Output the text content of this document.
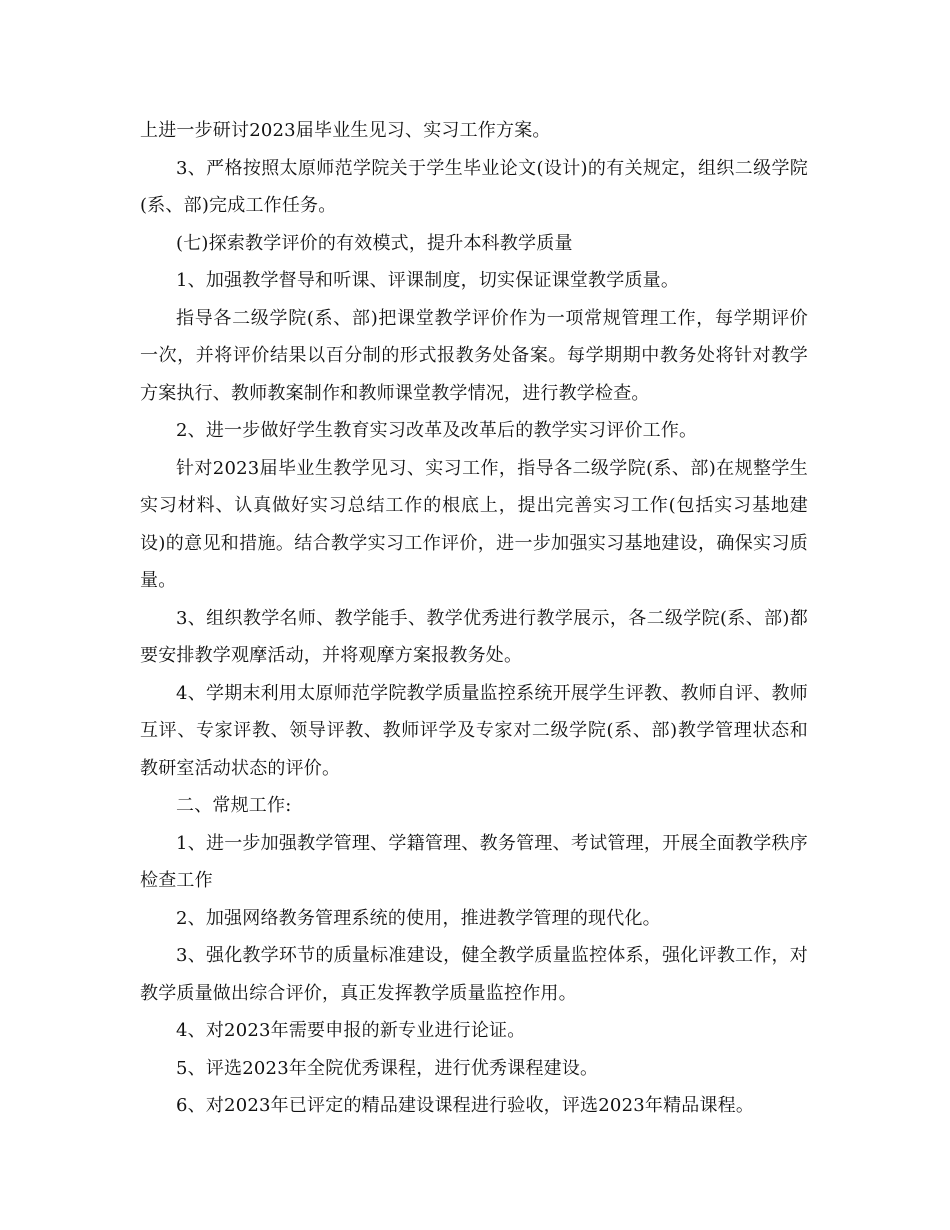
上进一步研讨2023届毕业生见习、实习工作方案。

3、严格按照太原师范学院关于学生毕业论文(设计)的有关规定，组织二级学院(系、部)完成工作任务。

(七)探索教学评价的有效模式，提升本科教学质量

1、加强教学督导和听课、评课制度，切实保证课堂教学质量。

指导各二级学院(系、部)把课堂教学评价作为一项常规管理工作，每学期评价一次，并将评价结果以百分制的形式报教务处备案。每学期期中教务处将针对教学方案执行、教师教案制作和教师课堂教学情况，进行教学检查。

2、进一步做好学生教育实习改革及改革后的教学实习评价工作。

针对2023届毕业生教学见习、实习工作，指导各二级学院(系、部)在规整学生实习材料、认真做好实习总结工作的根底上，提出完善实习工作(包括实习基地建设)的意见和措施。结合教学实习工作评价，进一步加强实习基地建设，确保实习质量。

3、组织教学名师、教学能手、教学优秀进行教学展示，各二级学院(系、部)都要安排教学观摩活动，并将观摩方案报教务处。

4、学期末利用太原师范学院教学质量监控系统开展学生评教、教师自评、教师互评、专家评教、领导评教、教师评学及专家对二级学院(系、部)教学管理状态和教研室活动状态的评价。

二、常规工作:

1、进一步加强教学管理、学籍管理、教务管理、考试管理，开展全面教学秩序检查工作

2、加强网络教务管理系统的使用，推进教学管理的现代化。

3、强化教学环节的质量标准建设，健全教学质量监控体系，强化评教工作，对教学质量做出综合评价，真正发挥教学质量监控作用。

4、对2023年需要申报的新专业进行论证。

5、评选2023年全院优秀课程，进行优秀课程建设。

6、对2023年已评定的精品建设课程进行验收，评选2023年精品课程。
